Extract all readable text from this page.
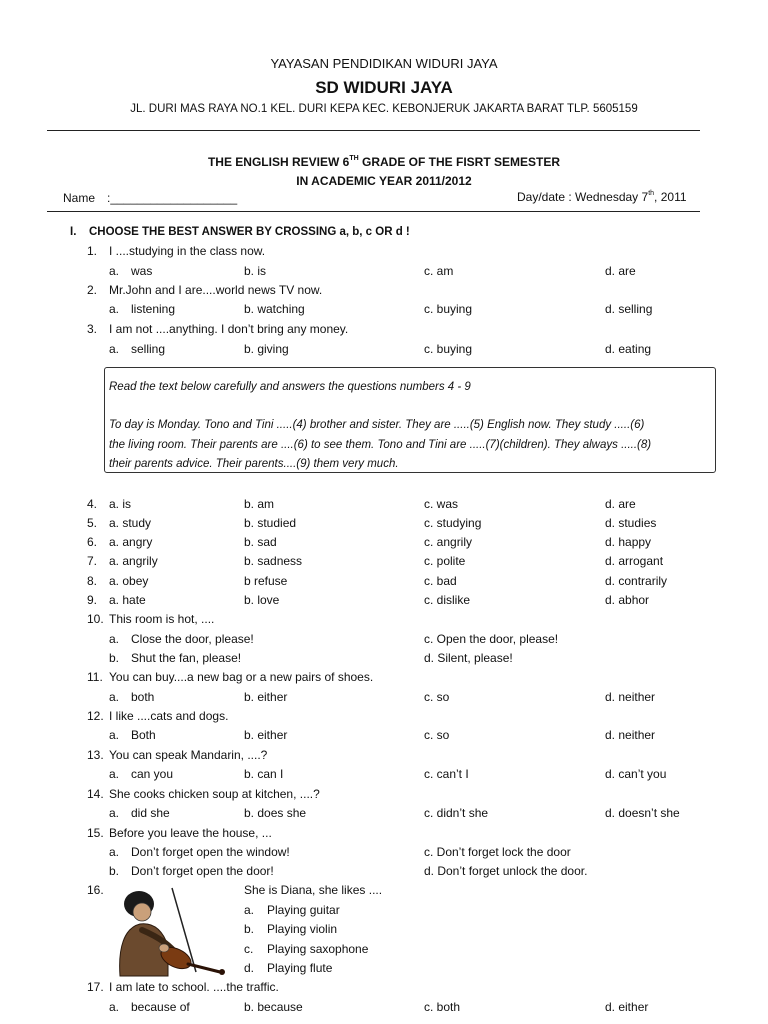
YAYASAN PENDIDIKAN WIDURI JAYA
SD WIDURI JAYA
JL. DURI MAS RAYA NO.1 KEL. DURI KEPA KEC. KEBONJERUK JAKARTA BARAT TLP. 5605159
THE ENGLISH REVIEW 6TH GRADE OF THE FISRT SEMESTER
IN ACADEMIC YEAR 2011/2012
Name :___________________	Day/date : Wednesday 7th, 2011
I. CHOOSE THE BEST ANSWER BY CROSSING a, b, c OR d !
1. I ....studying in the class now.
a. was	b. is	c. am	d. are
2. Mr.John and I are....world news TV now.
a. listening	b. watching	c. buying	d. selling
3. I am not ....anything. I don’t bring any money.
a. selling	b. giving	c. buying	d. eating
Read the text below carefully and answers the questions numbers 4 - 9
To day is Monday. Tono and Tini .....(4) brother and sister. They are .....(5) English now. They study .....(6)
the living room. Their parents are ....(6) to see them. Tono and Tini are .....(7)(children). They always .....(8)
their parents advice. Their parents....(9) them very much.
4. a. is	b. am	c. was	d. are
5. a. study	b. studied	c. studying	d. studies
6. a. angry	b. sad	c. angrily	d. happy
7. a. angrily	b. sadness	c. polite	d. arrogant
8. a. obey	b refuse	c. bad	d. contrarily
9. a. hate	b. love	c. dislike	d. abhor
10. This room is hot, ....
a. Close the door, please!	c. Open the door, please!
b. Shut the fan, please!	d. Silent, please!
11. You can buy....a new bag or a new pairs of shoes.
a. both	b. either	c. so	d. neither
12. I like ....cats and dogs.
a. Both	b. either	c. so	d. neither
13. You can speak Mandarin, ....?
a. can you	b. can I	c. can’t I	d. can’t you
14. She cooks chicken soup at kitchen, ....?
a. did she	b. does she	c. didn’t she	d. doesn’t she
15. Before you leave the house, ...
a. Don’t forget open the window!	c. Don’t forget lock the door
b. Don’t forget open the door!	d. Don’t forget unlock the door.
16.	She is Diana, she likes ....
a. Playing guitar
b. Playing violin
c. Playing saxophone
d. Playing flute
17. I am late to school. ....the traffic.
a. because of	b. because	c. both	d. either
